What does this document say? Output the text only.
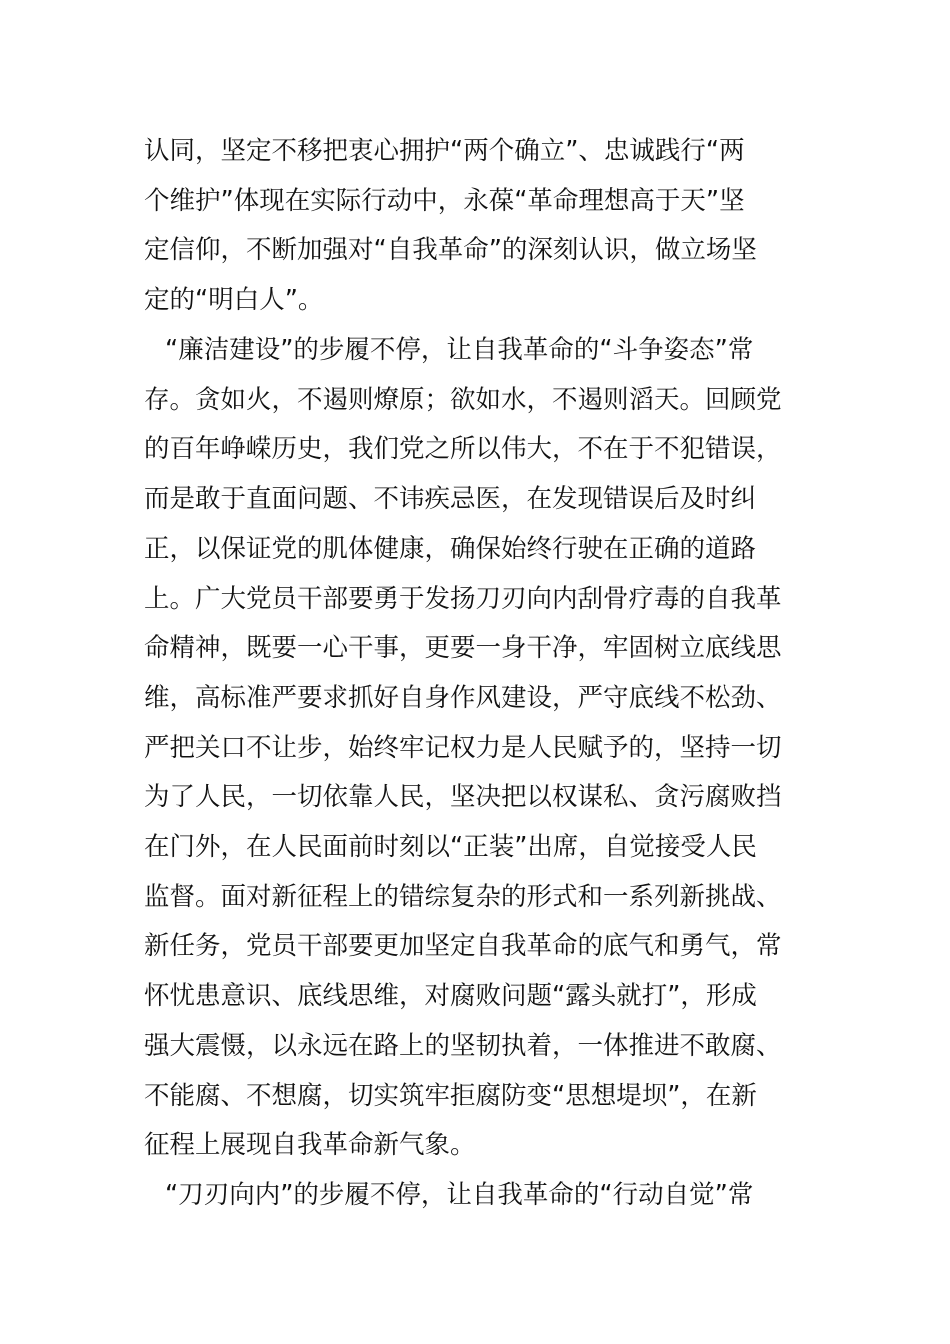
认同，坚定不移把衷心拥护“两个确立”、忠诚践行“两
个维护”体现在实际行动中，永葆“革命理想高于天”坚
定信仰，不断加强对“自我革命”的深刻认识，做立场坚
定的“明白人”。
“廉洁建设”的步履不停，让自我革命的“斗争姿态”常
存。贪如火，不遏则燎原；欲如水，不遏则滔天。回顾党
的百年峥嵘历史，我们党之所以伟大，不在于不犯错误，
而是敢于直面问题、不讳疾忌医，在发现错误后及时纠
正，以保证党的肌体健康，确保始终行驶在正确的道路
上。广大党员干部要勇于发扬刀刃向内刮骨疗毒的自我革
命精神，既要一心干事，更要一身干净，牢固树立底线思
维，高标准严要求抓好自身作风建设，严守底线不松劲、
严把关口不让步，始终牢记权力是人民赋予的，坚持一切
为了人民，一切依靠人民，坚决把以权谋私、贪污腐败挡
在门外，在人民面前时刻以“正装”出席，自觉接受人民
监督。面对新征程上的错综复杂的形式和一系列新挑战、
新任务，党员干部要更加坚定自我革命的底气和勇气，常
怀忧患意识、底线思维，对腐败问题“露头就打”，形成
强大震慑，以永远在路上的坚韧执着，一体推进不敢腐、
不能腐、不想腐，切实筑牢拒腐防变“思想堤坝”，在新
征程上展现自我革命新气象。
“刀刃向内”的步履不停，让自我革命的“行动自觉”常
